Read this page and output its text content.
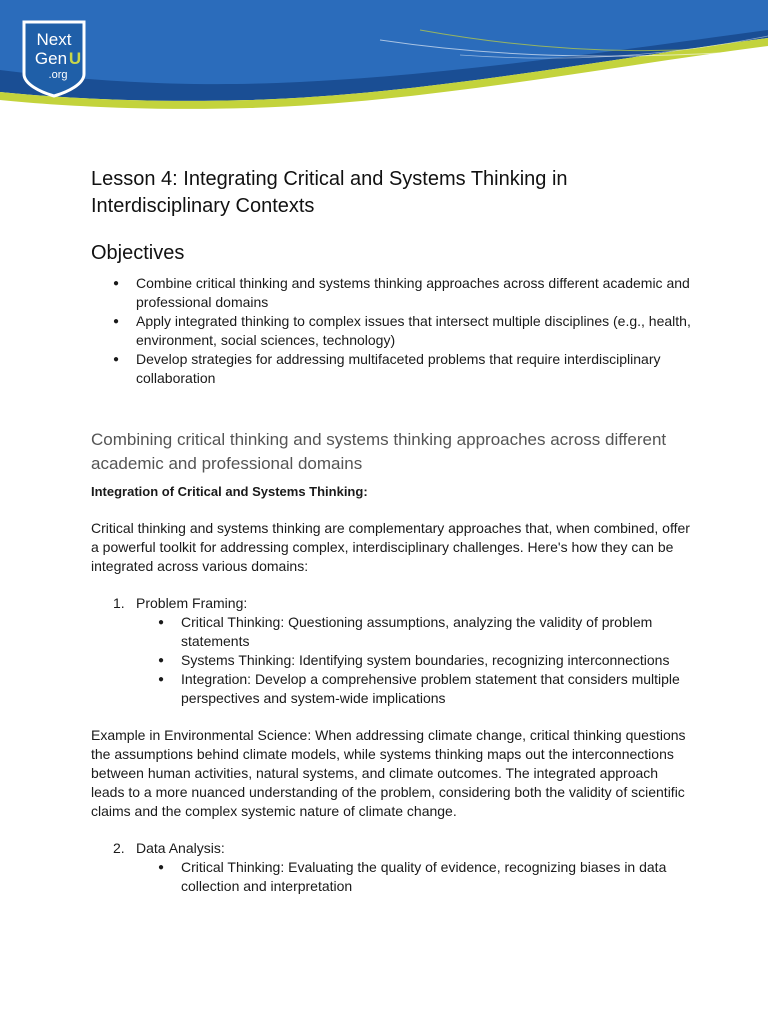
Next
Gen U
.org
Lesson 4: Integrating Critical and Systems Thinking in Interdisciplinary Contexts
Objectives
● Combine critical thinking and systems thinking approaches across different academic and professional domains
● Apply integrated thinking to complex issues that intersect multiple disciplines (e.g., health, environment, social sciences, technology)
● Develop strategies for addressing multifaceted problems that require interdisciplinary collaboration
Combining critical thinking and systems thinking approaches across different academic and professional domains
Integration of Critical and Systems Thinking:

Critical thinking and systems thinking are complementary approaches that, when combined, offer a powerful toolkit for addressing complex, interdisciplinary challenges. Here's how they can be integrated across various domains:

1. Problem Framing:
● Critical Thinking: Questioning assumptions, analyzing the validity of problem statements
● Systems Thinking: Identifying system boundaries, recognizing interconnections
● Integration: Develop a comprehensive problem statement that considers multiple perspectives and system-wide implications

Example in Environmental Science: When addressing climate change, critical thinking questions the assumptions behind climate models, while systems thinking maps out the interconnections between human activities, natural systems, and climate outcomes. The integrated approach leads to a more nuanced understanding of the problem, considering both the validity of scientific claims and the complex systemic nature of climate change.

2. Data Analysis:
● Critical Thinking: Evaluating the quality of evidence, recognizing biases in data collection and interpretation
